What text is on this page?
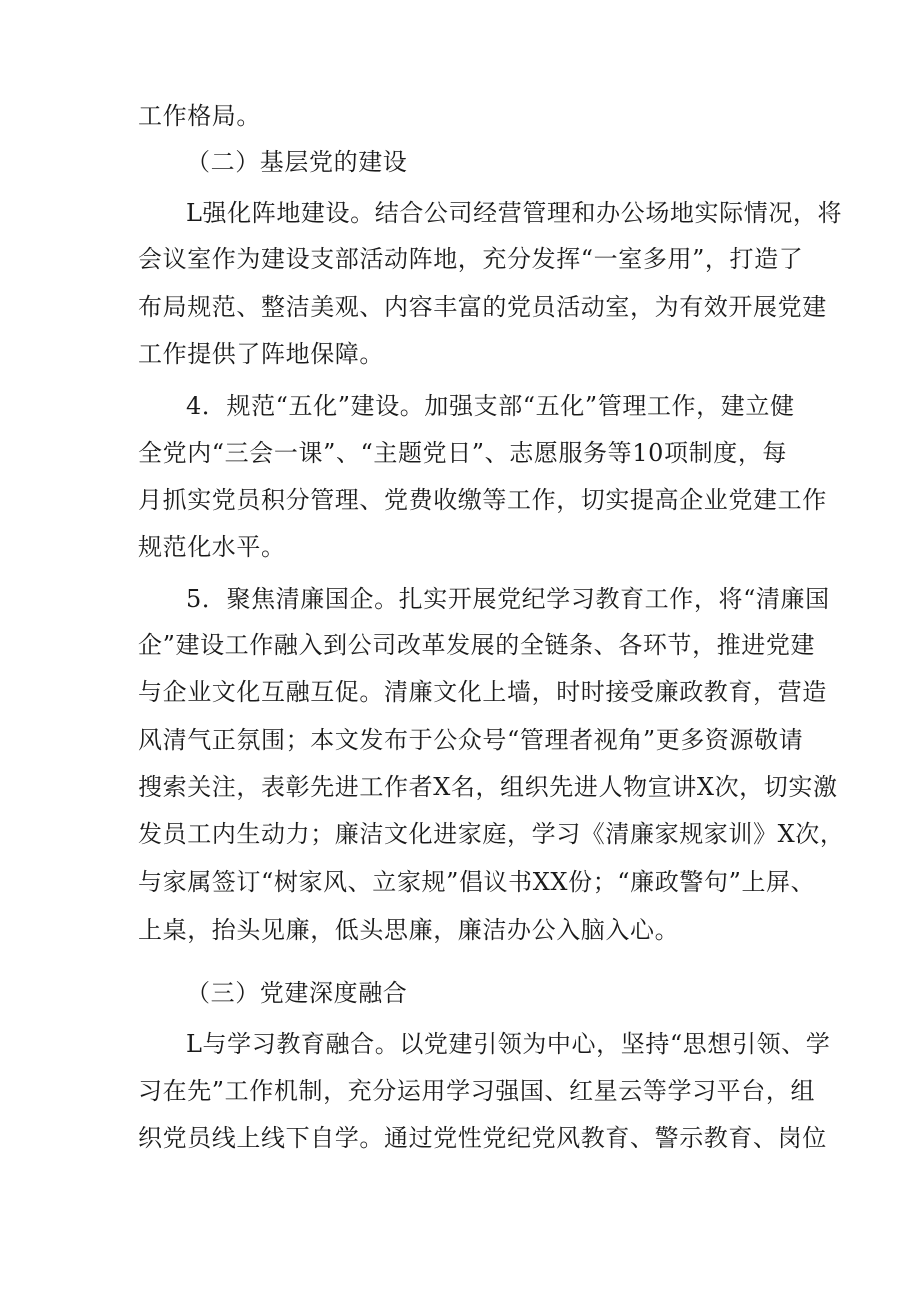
工作格局。
（二）基层党的建设
L强化阵地建设。结合公司经营管理和办公场地实际情况，将
会议室作为建设支部活动阵地，充分发挥“一室多用”，打造了
布局规范、整洁美观、内容丰富的党员活动室，为有效开展党建
工作提供了阵地保障。
4．规范“五化”建设。加强支部“五化”管理工作，建立健
全党内“三会一课”、“主题党日”、志愿服务等10项制度，每
月抓实党员积分管理、党费收缴等工作，切实提高企业党建工作
规范化水平。
5．聚焦清廉国企。扎实开展党纪学习教育工作，将“清廉国
企”建设工作融入到公司改革发展的全链条、各环节，推进党建
与企业文化互融互促。清廉文化上墙，时时接受廉政教育，营造
风清气正氛围；本文发布于公众号“管理者视角”更多资源敬请
搜索关注，表彰先进工作者X名，组织先进人物宣讲X次，切实激
发员工内生动力；廉洁文化进家庭，学习《清廉家规家训》X次，
与家属签订“树家风、立家规”倡议书XX份；“廉政警句”上屏、
上桌，抬头见廉，低头思廉，廉洁办公入脑入心。
（三）党建深度融合
L与学习教育融合。以党建引领为中心，坚持“思想引领、学
习在先”工作机制，充分运用学习强国、红星云等学习平台，组
织党员线上线下自学。通过党性党纪党风教育、警示教育、岗位
